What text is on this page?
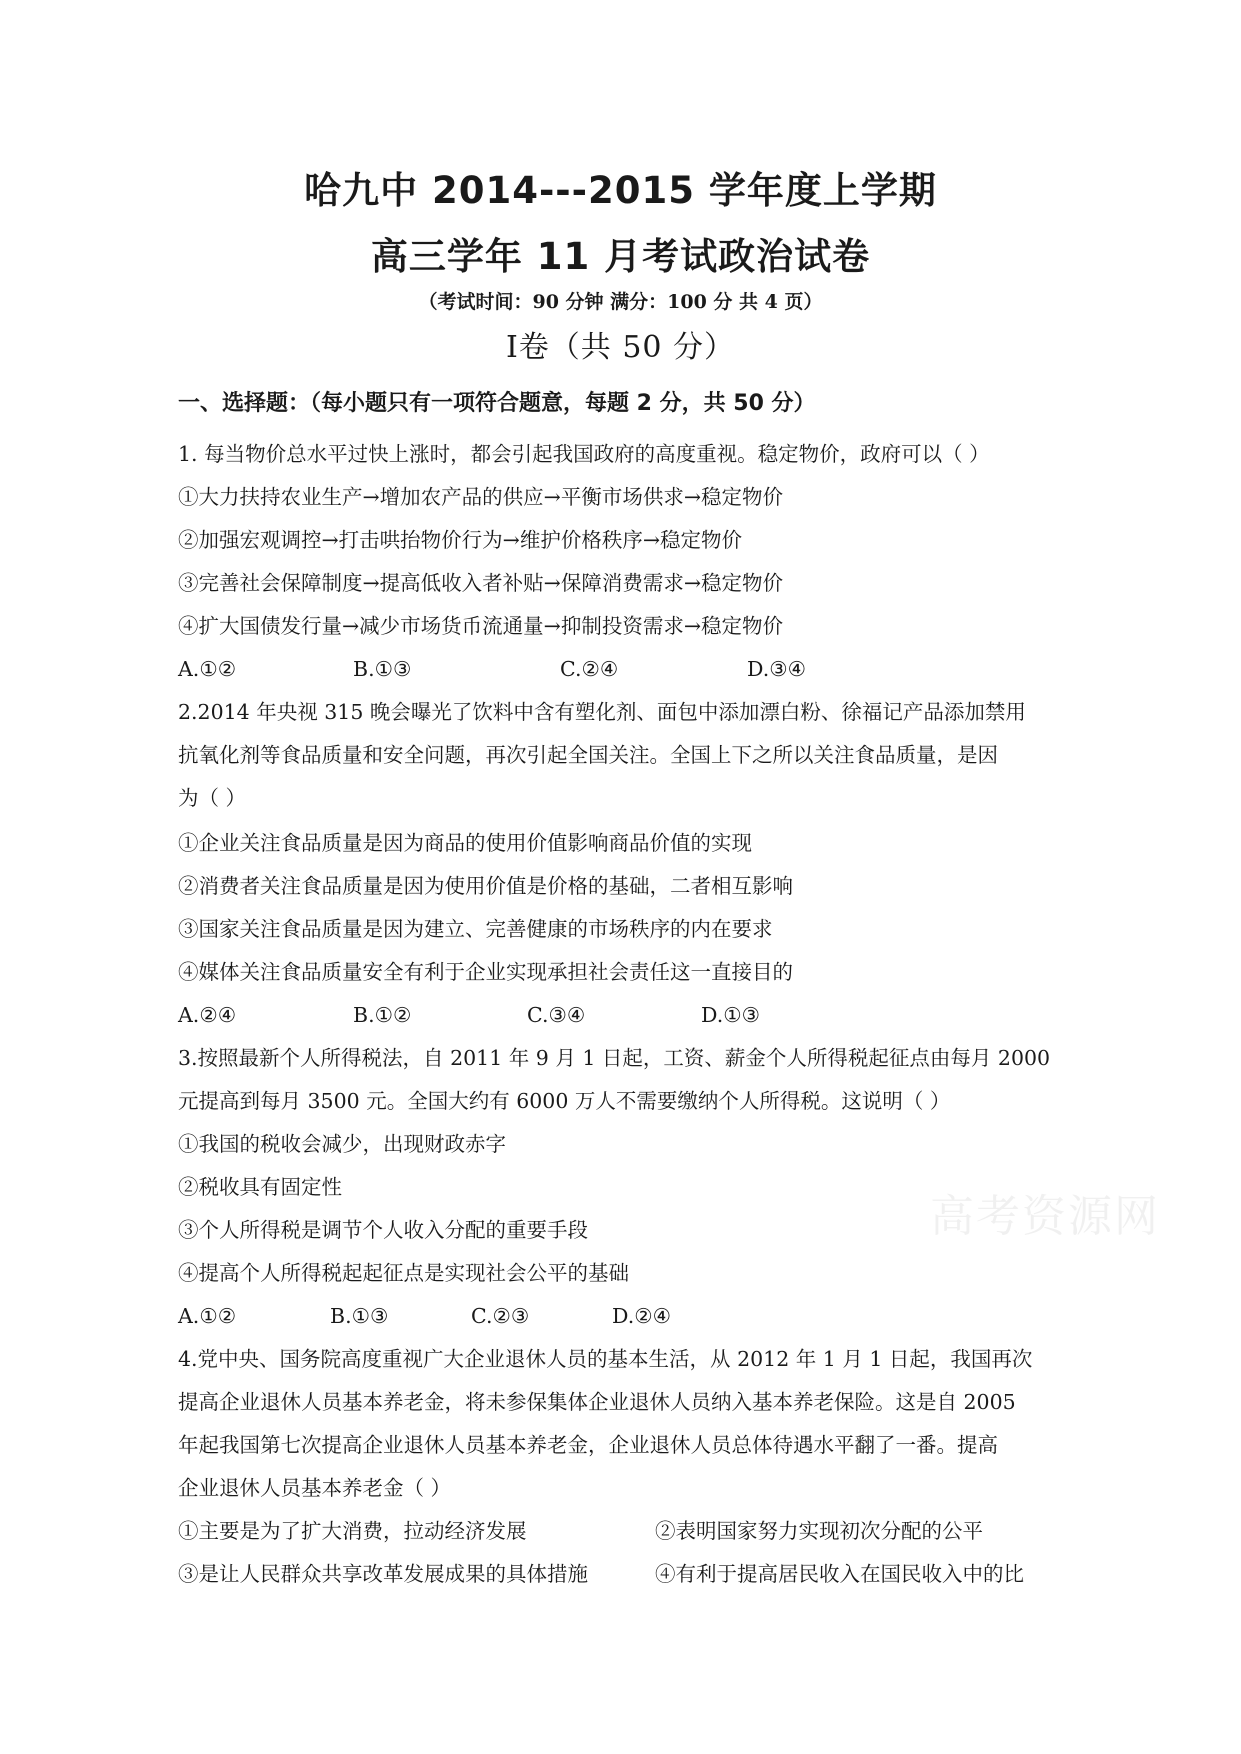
哈九中 2014---2015 学年度上学期
高三学年 11 月考试政治试卷
（考试时间：90 分钟 满分：100 分 共 4 页）
Ⅰ卷（共 50 分）
一、选择题：（每小题只有一项符合题意，每题 2 分，共 50 分）
1. 每当物价总水平过快上涨时，都会引起我国政府的高度重视。稳定物价，政府可以（ ）
①大力扶持农业生产→增加农产品的供应→平衡市场供求→稳定物价
②加强宏观调控→打击哄抬物价行为→维护价格秩序→稳定物价
③完善社会保障制度→提高低收入者补贴→保障消费需求→稳定物价
④扩大国债发行量→减少市场货币流通量→抑制投资需求→稳定物价
A.①②	B.①③	C.②④	D.③④
2.2014 年央视 315 晚会曝光了饮料中含有塑化剂、面包中添加漂白粉、徐福记产品添加禁用
抗氧化剂等食品质量和安全问题，再次引起全国关注。全国上下之所以关注食品质量，是因
为（ ）
①企业关注食品质量是因为商品的使用价值影响商品价值的实现
②消费者关注食品质量是因为使用价值是价格的基础，二者相互影响
③国家关注食品质量是因为建立、完善健康的市场秩序的内在要求
④媒体关注食品质量安全有利于企业实现承担社会责任这一直接目的
A.②④	B.①②	C.③④	D.①③
3.按照最新个人所得税法，自 2011 年 9 月 1 日起，工资、薪金个人所得税起征点由每月 2000
元提高到每月 3500 元。全国大约有 6000 万人不需要缴纳个人所得税。这说明（ ）
①我国的税收会减少，出现财政赤字
②税收具有固定性
③个人所得税是调节个人收入分配的重要手段
④提高个人所得税起起征点是实现社会公平的基础
A.①②	B.①③	C.②③	D.②④
4.党中央、国务院高度重视广大企业退休人员的基本生活，从 2012 年 1 月 1 日起，我国再次
提高企业退休人员基本养老金，将未参保集体企业退休人员纳入基本养老保险。这是自 2005
年起我国第七次提高企业退休人员基本养老金，企业退休人员总体待遇水平翻了一番。提高
企业退休人员基本养老金（ ）
①主要是为了扩大消费，拉动经济发展	②表明国家努力实现初次分配的公平
③是让人民群众共享改革发展成果的具体措施	④有利于提高居民收入在国民收入中的比
高考资源网
